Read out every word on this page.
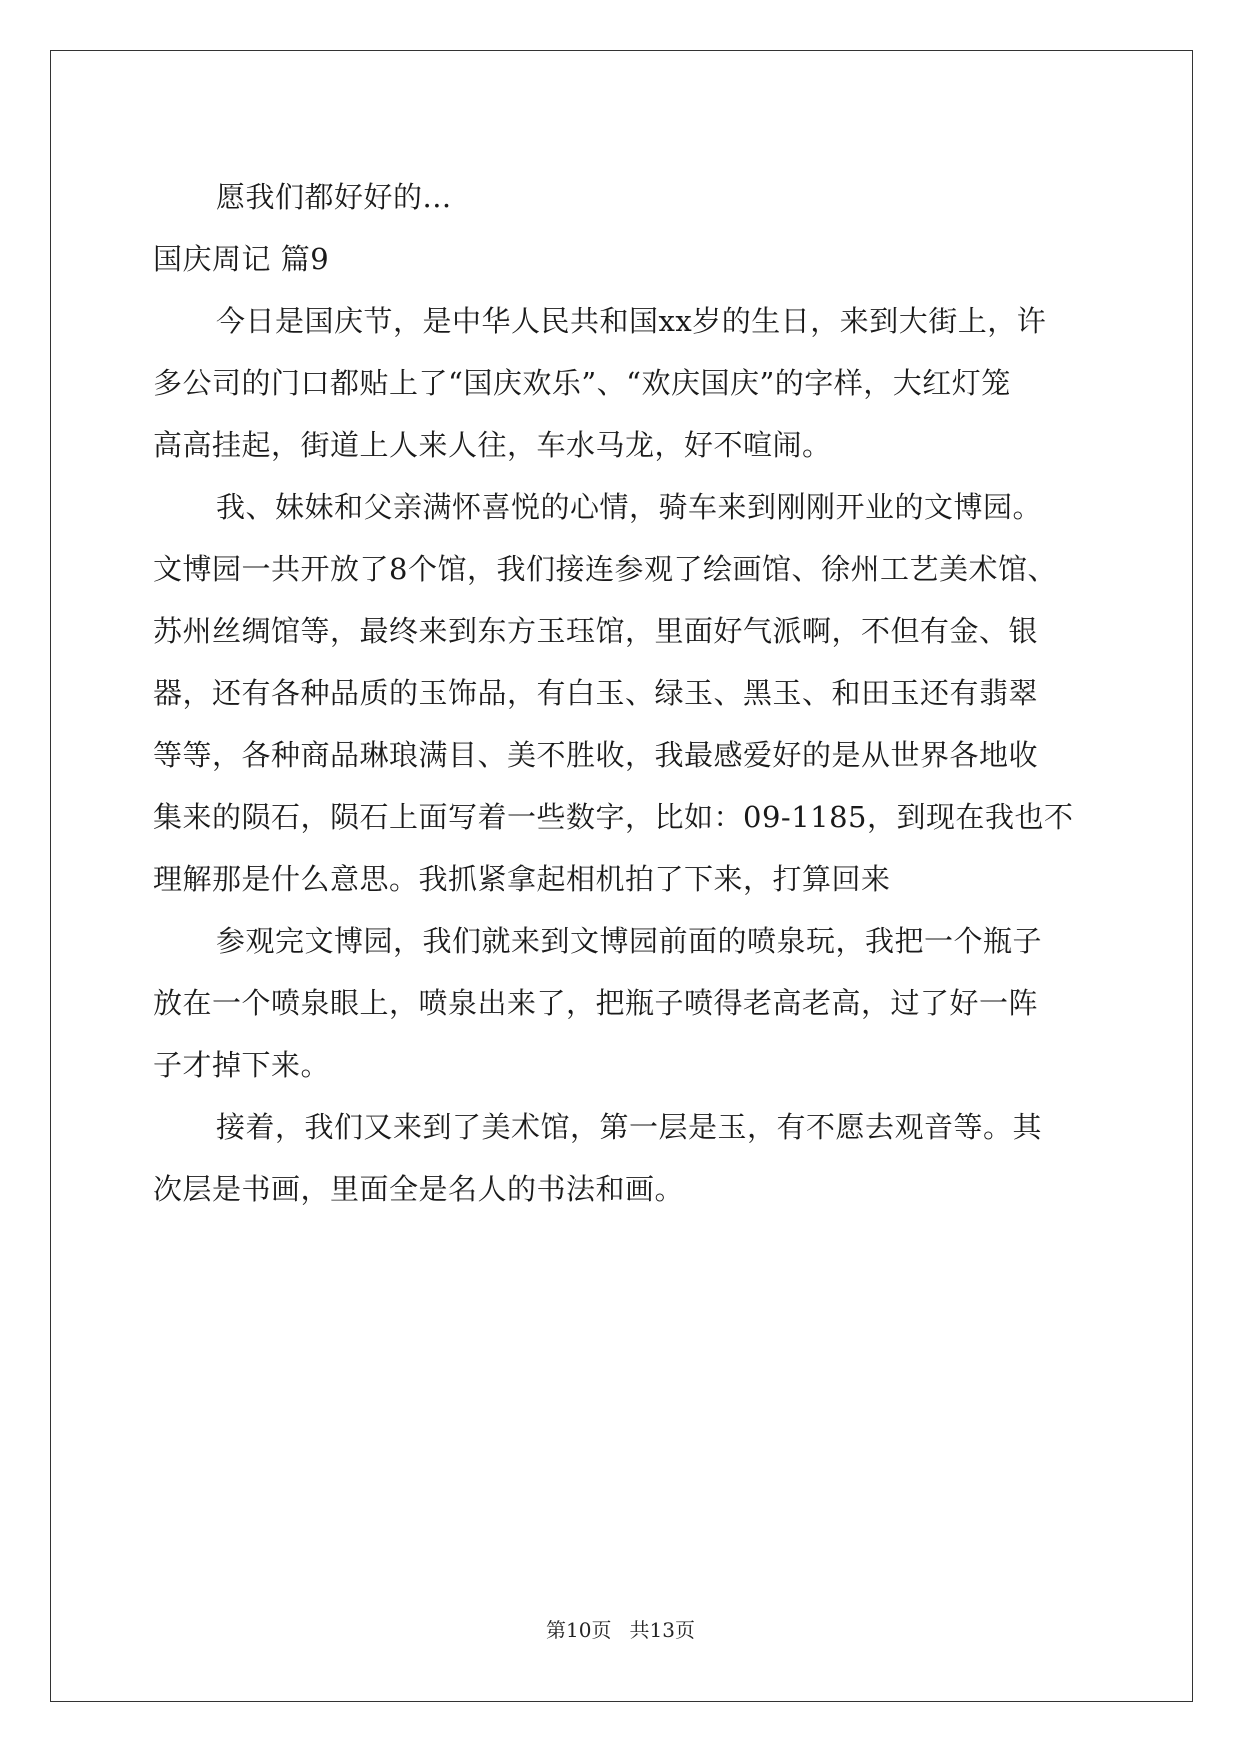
愿我们都好好的...
国庆周记 篇9
今日是国庆节，是中华人民共和国xx岁的生日，来到大街上，许
多公司的门口都贴上了“国庆欢乐”、“欢庆国庆”的字样，大红灯笼
高高挂起，街道上人来人往，车水马龙，好不喧闹。
我、妹妹和父亲满怀喜悦的心情，骑车来到刚刚开业的文博园。
文博园一共开放了8个馆，我们接连参观了绘画馆、徐州工艺美术馆、
苏州丝绸馆等，最终来到东方玉珏馆，里面好气派啊，不但有金、银
器，还有各种品质的玉饰品，有白玉、绿玉、黑玉、和田玉还有翡翠
等等，各种商品琳琅满目、美不胜收，我最感爱好的是从世界各地收
集来的陨石，陨石上面写着一些数字，比如：09-1185，到现在我也不
理解那是什么意思。我抓紧拿起相机拍了下来，打算回来
参观完文博园，我们就来到文博园前面的喷泉玩，我把一个瓶子
放在一个喷泉眼上，喷泉出来了，把瓶子喷得老高老高，过了好一阵
子才掉下来。
接着，我们又来到了美术馆，第一层是玉，有不愿去观音等。其
次层是书画，里面全是名人的书法和画。
第10页 共13页
